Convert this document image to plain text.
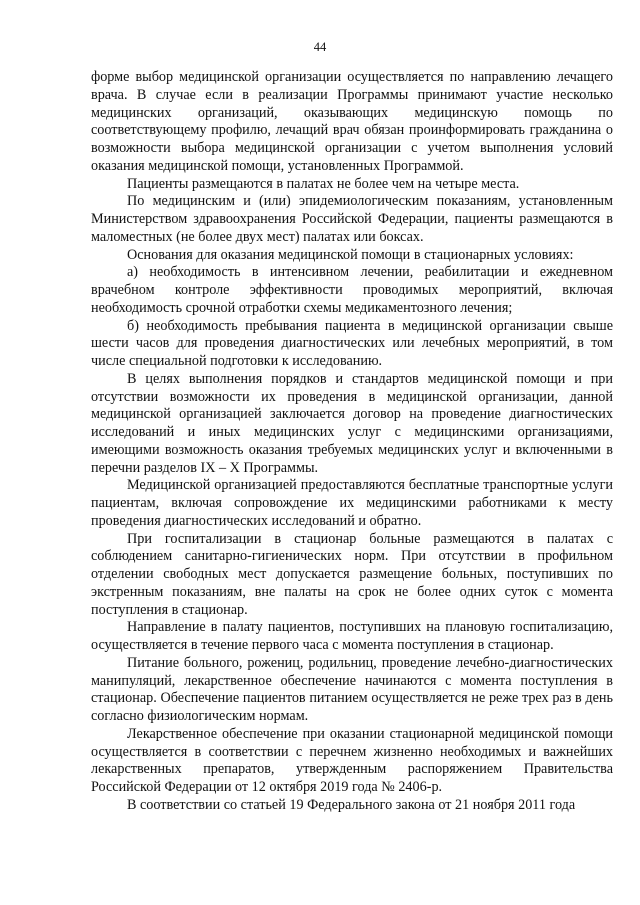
44

форме выбор медицинской организации осуществляется по направлению лечащего врача. В случае если в реализации Программы принимают участие несколько медицинских организаций, оказывающих медицинскую помощь по соответствующему профилю, лечащий врач обязан проинформировать гражданина о возможности выбора медицинской организации с учетом выполнения условий оказания медицинской помощи, установленных Программой.

Пациенты размещаются в палатах не более чем на четыре места.

По медицинским и (или) эпидемиологическим показаниям, установленным Министерством здравоохранения Российской Федерации, пациенты размещаются в маломестных (не более двух мест) палатах или боксах.

Основания для оказания медицинской помощи в стационарных условиях:

а) необходимость в интенсивном лечении, реабилитации и ежедневном врачебном контроле эффективности проводимых мероприятий, включая необходимость срочной отработки схемы медикаментозного лечения;

б) необходимость пребывания пациента в медицинской организации свыше шести часов для проведения диагностических или лечебных мероприятий, в том числе специальной подготовки к исследованию.

В целях выполнения порядков и стандартов медицинской помощи и при отсутствии возможности их проведения в медицинской организации, данной медицинской организацией заключается договор на проведение диагностических исследований и иных медицинских услуг с медицинскими организациями, имеющими возможность оказания требуемых медицинских услуг и включенными в перечни разделов IX – X Программы.

Медицинской организацией предоставляются бесплатные транспортные услуги пациентам, включая сопровождение их медицинскими работниками к месту проведения диагностических исследований и обратно.

При госпитализации в стационар больные размещаются в палатах с соблюдением санитарно-гигиенических норм. При отсутствии в профильном отделении свободных мест допускается размещение больных, поступивших по экстренным показаниям, вне палаты на срок не более одних суток с момента поступления в стационар.

Направление в палату пациентов, поступивших на плановую госпитализацию, осуществляется в течение первого часа с момента поступления в стационар.

Питание больного, рожениц, родильниц, проведение лечебно-диагностических манипуляций, лекарственное обеспечение начинаются с момента поступления в стационар. Обеспечение пациентов питанием осуществляется не реже трех раз в день согласно физиологическим нормам.

Лекарственное обеспечение при оказании стационарной медицинской помощи осуществляется в соответствии с перечнем жизненно необходимых и важнейших лекарственных препаратов, утвержденным распоряжением Правительства Российской Федерации от 12 октября 2019 года № 2406-р.

В соответствии со статьей 19 Федерального закона от 21 ноября 2011 года
